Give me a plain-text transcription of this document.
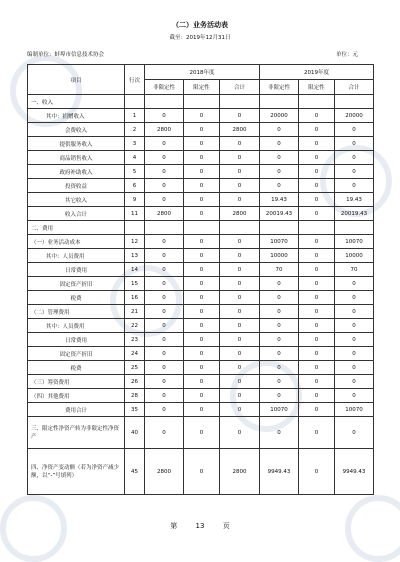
（二）业务活动表
截至：2019年12月31日
编制单位：蚌埠市信息技术协会	单位：元
项目	行次	2018年度			2019年度		
		非限定性	限定性	合计	非限定性	限定性	合计
一、收入							
其中：捐赠收入	1	0	0	0	20000	0	20000
会费收入	2	2800	0	2800	0	0	0
提供服务收入	3	0	0	0	0	0	0
商品销售收入	4	0	0	0	0	0	0
政府补助收入	5	0	0	0	0	0	0
投资收益	6	0	0	0	0	0	0
其它收入	9	0	0	0	19.43	0	19.43
收入合计	11	2800	0	2800	20019.43	0	20019.43
二、费用							
（一）业务活动成本	12	0	0	0	10070	0	10070
其中：人员费用	13	0	0	0	10000	0	10000
日常费用	14	0	0	0	70	0	70
固定资产折旧	15	0	0	0	0	0	0
税费	16	0	0	0	0	0	0
（二）管理费用	21	0	0	0	0	0	0
其中：人员费用	22	0	0	0	0	0	0
日常费用	23	0	0	0	0	0	0
固定资产折旧	24	0	0	0	0	0	0
税费	25	0	0	0	0	0	0
（三）筹资费用	26	0	0	0	0	0	0
（四）其他费用	28	0	0	0	0	0	0
费用合计	35	0	0	0	10070	0	10070
三、限定性净资产转为非限定性净资产	40	0	0	0	0	0	0
四、净资产变动额（若为净资产减少额，以“-”号填列）	45	2800	0	2800	9949.43	0	9949.43
第	13	页
